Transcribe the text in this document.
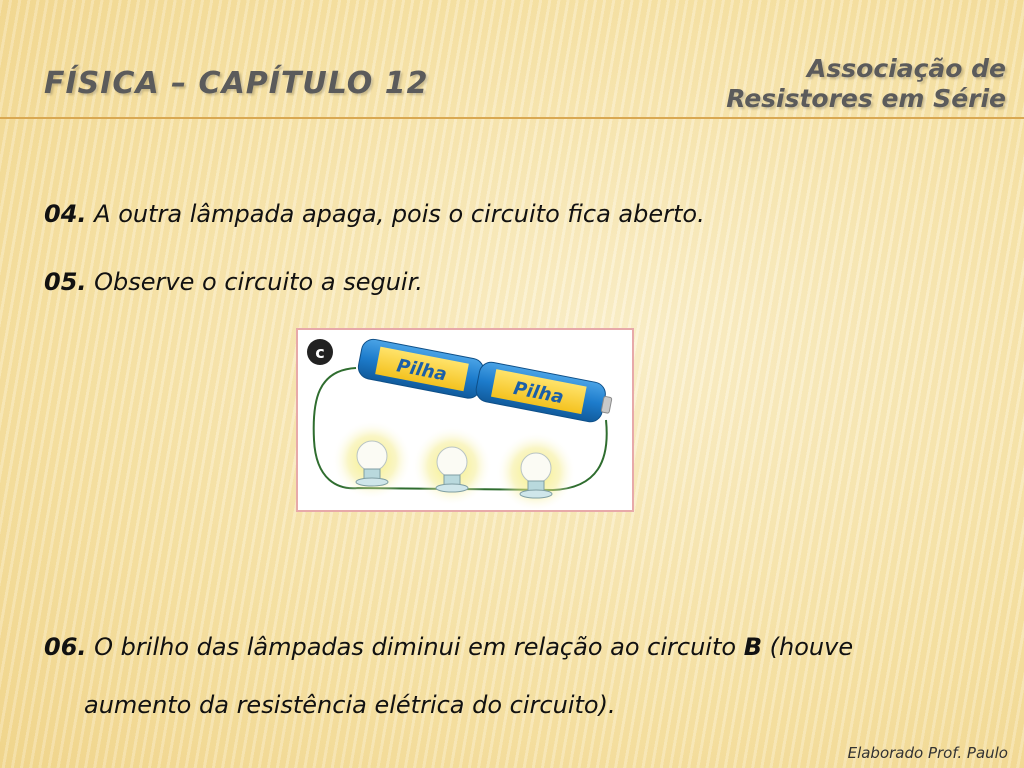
FÍSICA – CAPÍTULO 12	Associação de
Resistores em Série
04. A outra lâmpada apaga, pois o circuito fica aberto.
05. Observe o circuito a seguir.
Pilha
Pilha
c
06. O brilho das lâmpadas diminui em relação ao circuito B (houve
aumento da resistência elétrica do circuito).
Elaborado Prof. Paulo
